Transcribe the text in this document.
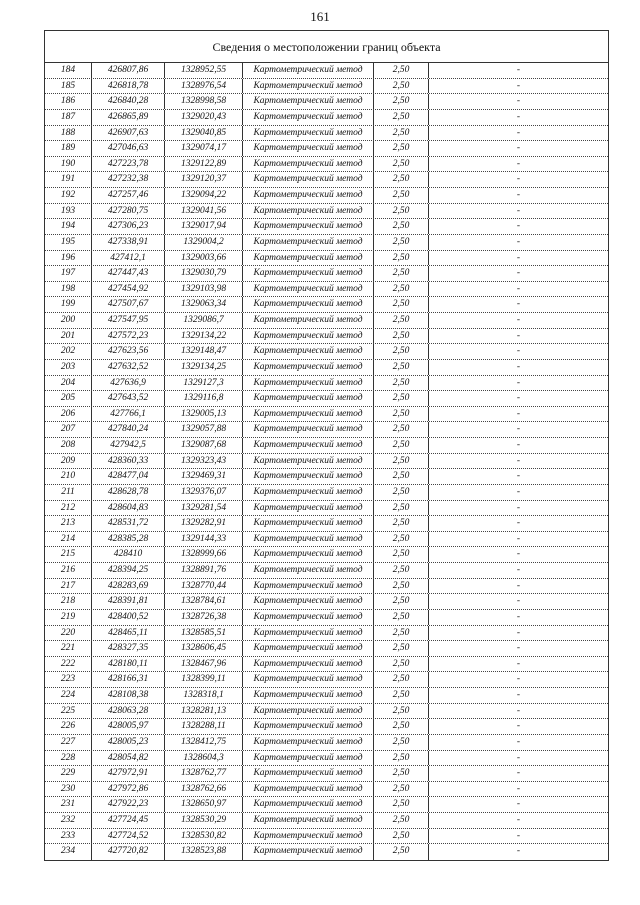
161
Сведения о местоположении границ объекта
184	426807,86	1328952,55	Картометрический метод	2,50	-
185	426818,78	1328976,54	Картометрический метод	2,50	-
186	426840,28	1328998,58	Картометрический метод	2,50	-
187	426865,89	1329020,43	Картометрический метод	2,50	-
188	426907,63	1329040,85	Картометрический метод	2,50	-
189	427046,63	1329074,17	Картометрический метод	2,50	-
190	427223,78	1329122,89	Картометрический метод	2,50	-
191	427232,38	1329120,37	Картометрический метод	2,50	-
192	427257,46	1329094,22	Картометрический метод	2,50	-
193	427280,75	1329041,56	Картометрический метод	2,50	-
194	427306,23	1329017,94	Картометрический метод	2,50	-
195	427338,91	1329004,2	Картометрический метод	2,50	-
196	427412,1	1329003,66	Картометрический метод	2,50	-
197	427447,43	1329030,79	Картометрический метод	2,50	-
198	427454,92	1329103,98	Картометрический метод	2,50	-
199	427507,67	1329063,34	Картометрический метод	2,50	-
200	427547,95	1329086,7	Картометрический метод	2,50	-
201	427572,23	1329134,22	Картометрический метод	2,50	-
202	427623,56	1329148,47	Картометрический метод	2,50	-
203	427632,52	1329134,25	Картометрический метод	2,50	-
204	427636,9	1329127,3	Картометрический метод	2,50	-
205	427643,52	1329116,8	Картометрический метод	2,50	-
206	427766,1	1329005,13	Картометрический метод	2,50	-
207	427840,24	1329057,88	Картометрический метод	2,50	-
208	427942,5	1329087,68	Картометрический метод	2,50	-
209	428360,33	1329323,43	Картометрический метод	2,50	-
210	428477,04	1329469,31	Картометрический метод	2,50	-
211	428628,78	1329376,07	Картометрический метод	2,50	-
212	428604,83	1329281,54	Картометрический метод	2,50	-
213	428531,72	1329282,91	Картометрический метод	2,50	-
214	428385,28	1329144,33	Картометрический метод	2,50	-
215	428410	1328999,66	Картометрический метод	2,50	-
216	428394,25	1328891,76	Картометрический метод	2,50	-
217	428283,69	1328770,44	Картометрический метод	2,50	-
218	428391,81	1328784,61	Картометрический метод	2,50	-
219	428400,52	1328726,38	Картометрический метод	2,50	-
220	428465,11	1328585,51	Картометрический метод	2,50	-
221	428327,35	1328606,45	Картометрический метод	2,50	-
222	428180,11	1328467,96	Картометрический метод	2,50	-
223	428166,31	1328399,11	Картометрический метод	2,50	-
224	428108,38	1328318,1	Картометрический метод	2,50	-
225	428063,28	1328281,13	Картометрический метод	2,50	-
226	428005,97	1328288,11	Картометрический метод	2,50	-
227	428005,23	1328412,75	Картометрический метод	2,50	-
228	428054,82	1328604,3	Картометрический метод	2,50	-
229	427972,91	1328762,77	Картометрический метод	2,50	-
230	427972,86	1328762,66	Картометрический метод	2,50	-
231	427922,23	1328650,97	Картометрический метод	2,50	-
232	427724,45	1328530,29	Картометрический метод	2,50	-
233	427724,52	1328530,82	Картометрический метод	2,50	-
234	427720,82	1328523,88	Картометрический метод	2,50	-
